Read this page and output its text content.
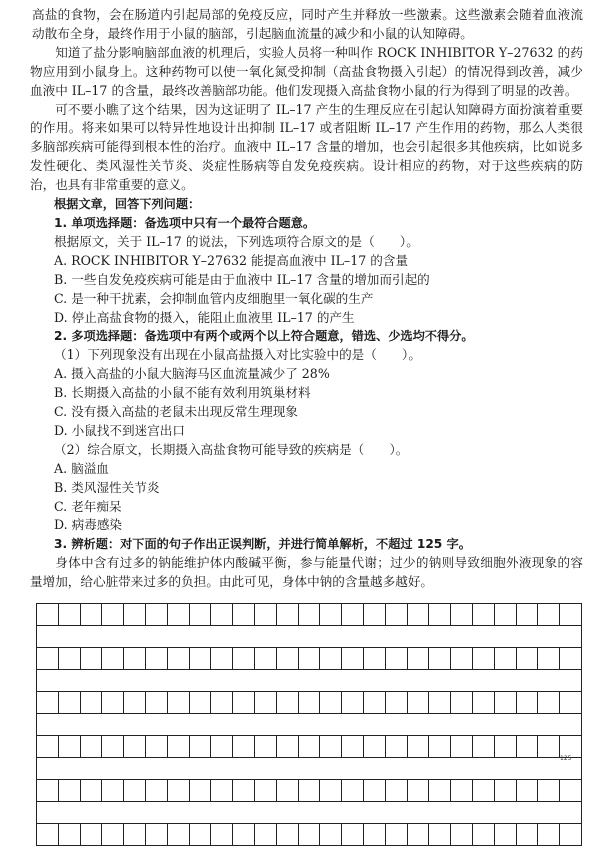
高盐的食物，会在肠道内引起局部的免疫反应，同时产生并释放一些激素。这些激素会随着血液流动散布全身，最终作用于小鼠的脑部，引起脑血流量的减少和小鼠的认知障碍。

知道了盐分影响脑部血液的机理后，实验人员将一种叫作 ROCK INHIBITOR Y–27632 的药物应用到小鼠身上。这种药物可以使一氧化氮受抑制（高盐食物摄入引起）的情况得到改善，减少血液中 IL–17 的含量，最终改善脑部功能。他们发现摄入高盐食物小鼠的行为得到了明显的改善。

可不要小瞧了这个结果，因为这证明了 IL–17 产生的生理反应在引起认知障碍方面扮演着重要的作用。将来如果可以特异性地设计出抑制 IL–17 或者阻断 IL–17 产生作用的药物，那么人类很多脑部疾病可能得到根本性的治疗。血液中 IL–17 含量的增加，也会引起很多其他疾病，比如说多发性硬化、类风湿性关节炎、炎症性肠病等自发免疫疾病。设计相应的药物，对于这些疾病的防治，也具有非常重要的意义。

根据文章，回答下列问题：

1. 单项选择题：备选项中只有一个最符合题意。

根据原文，关于 IL–17 的说法，下列选项符合原文的是（　　）。

A. ROCK INHIBITOR Y–27632 能提高血液中 IL–17 的含量

B. 一些自发免疫疾病可能是由于血液中 IL–17 含量的增加而引起的

C. 是一种干扰素，会抑制血管内皮细胞里一氧化碳的生产

D. 停止高盐食物的摄入，能阻止血液里 IL–17 的产生

2. 多项选择题：备选项中有两个或两个以上符合题意，错选、少选均不得分。

（1）下列现象没有出现在小鼠高盐摄入对比实验中的是（　　）。

A. 摄入高盐的小鼠大脑海马区血流量减少了 28%

B. 长期摄入高盐的小鼠不能有效利用筑巢材料

C. 没有摄入高盐的老鼠未出现反常生理现象

D. 小鼠找不到迷宫出口

（2）综合原文，长期摄入高盐食物可能导致的疾病是（　　）。

A. 脑溢血

B. 类风湿性关节炎

C. 老年痴呆

D. 病毒感染

3. 辨析题：对下面的句子作出正误判断，并进行简单解析，不超过 125 字。

身体中含有过多的钠能维护体内酸碱平衡，参与能量代谢；过少的钠则导致细胞外液现象的容量增加，给心脏带来过多的负担。由此可见，身体中钠的含量越多越好。

125
